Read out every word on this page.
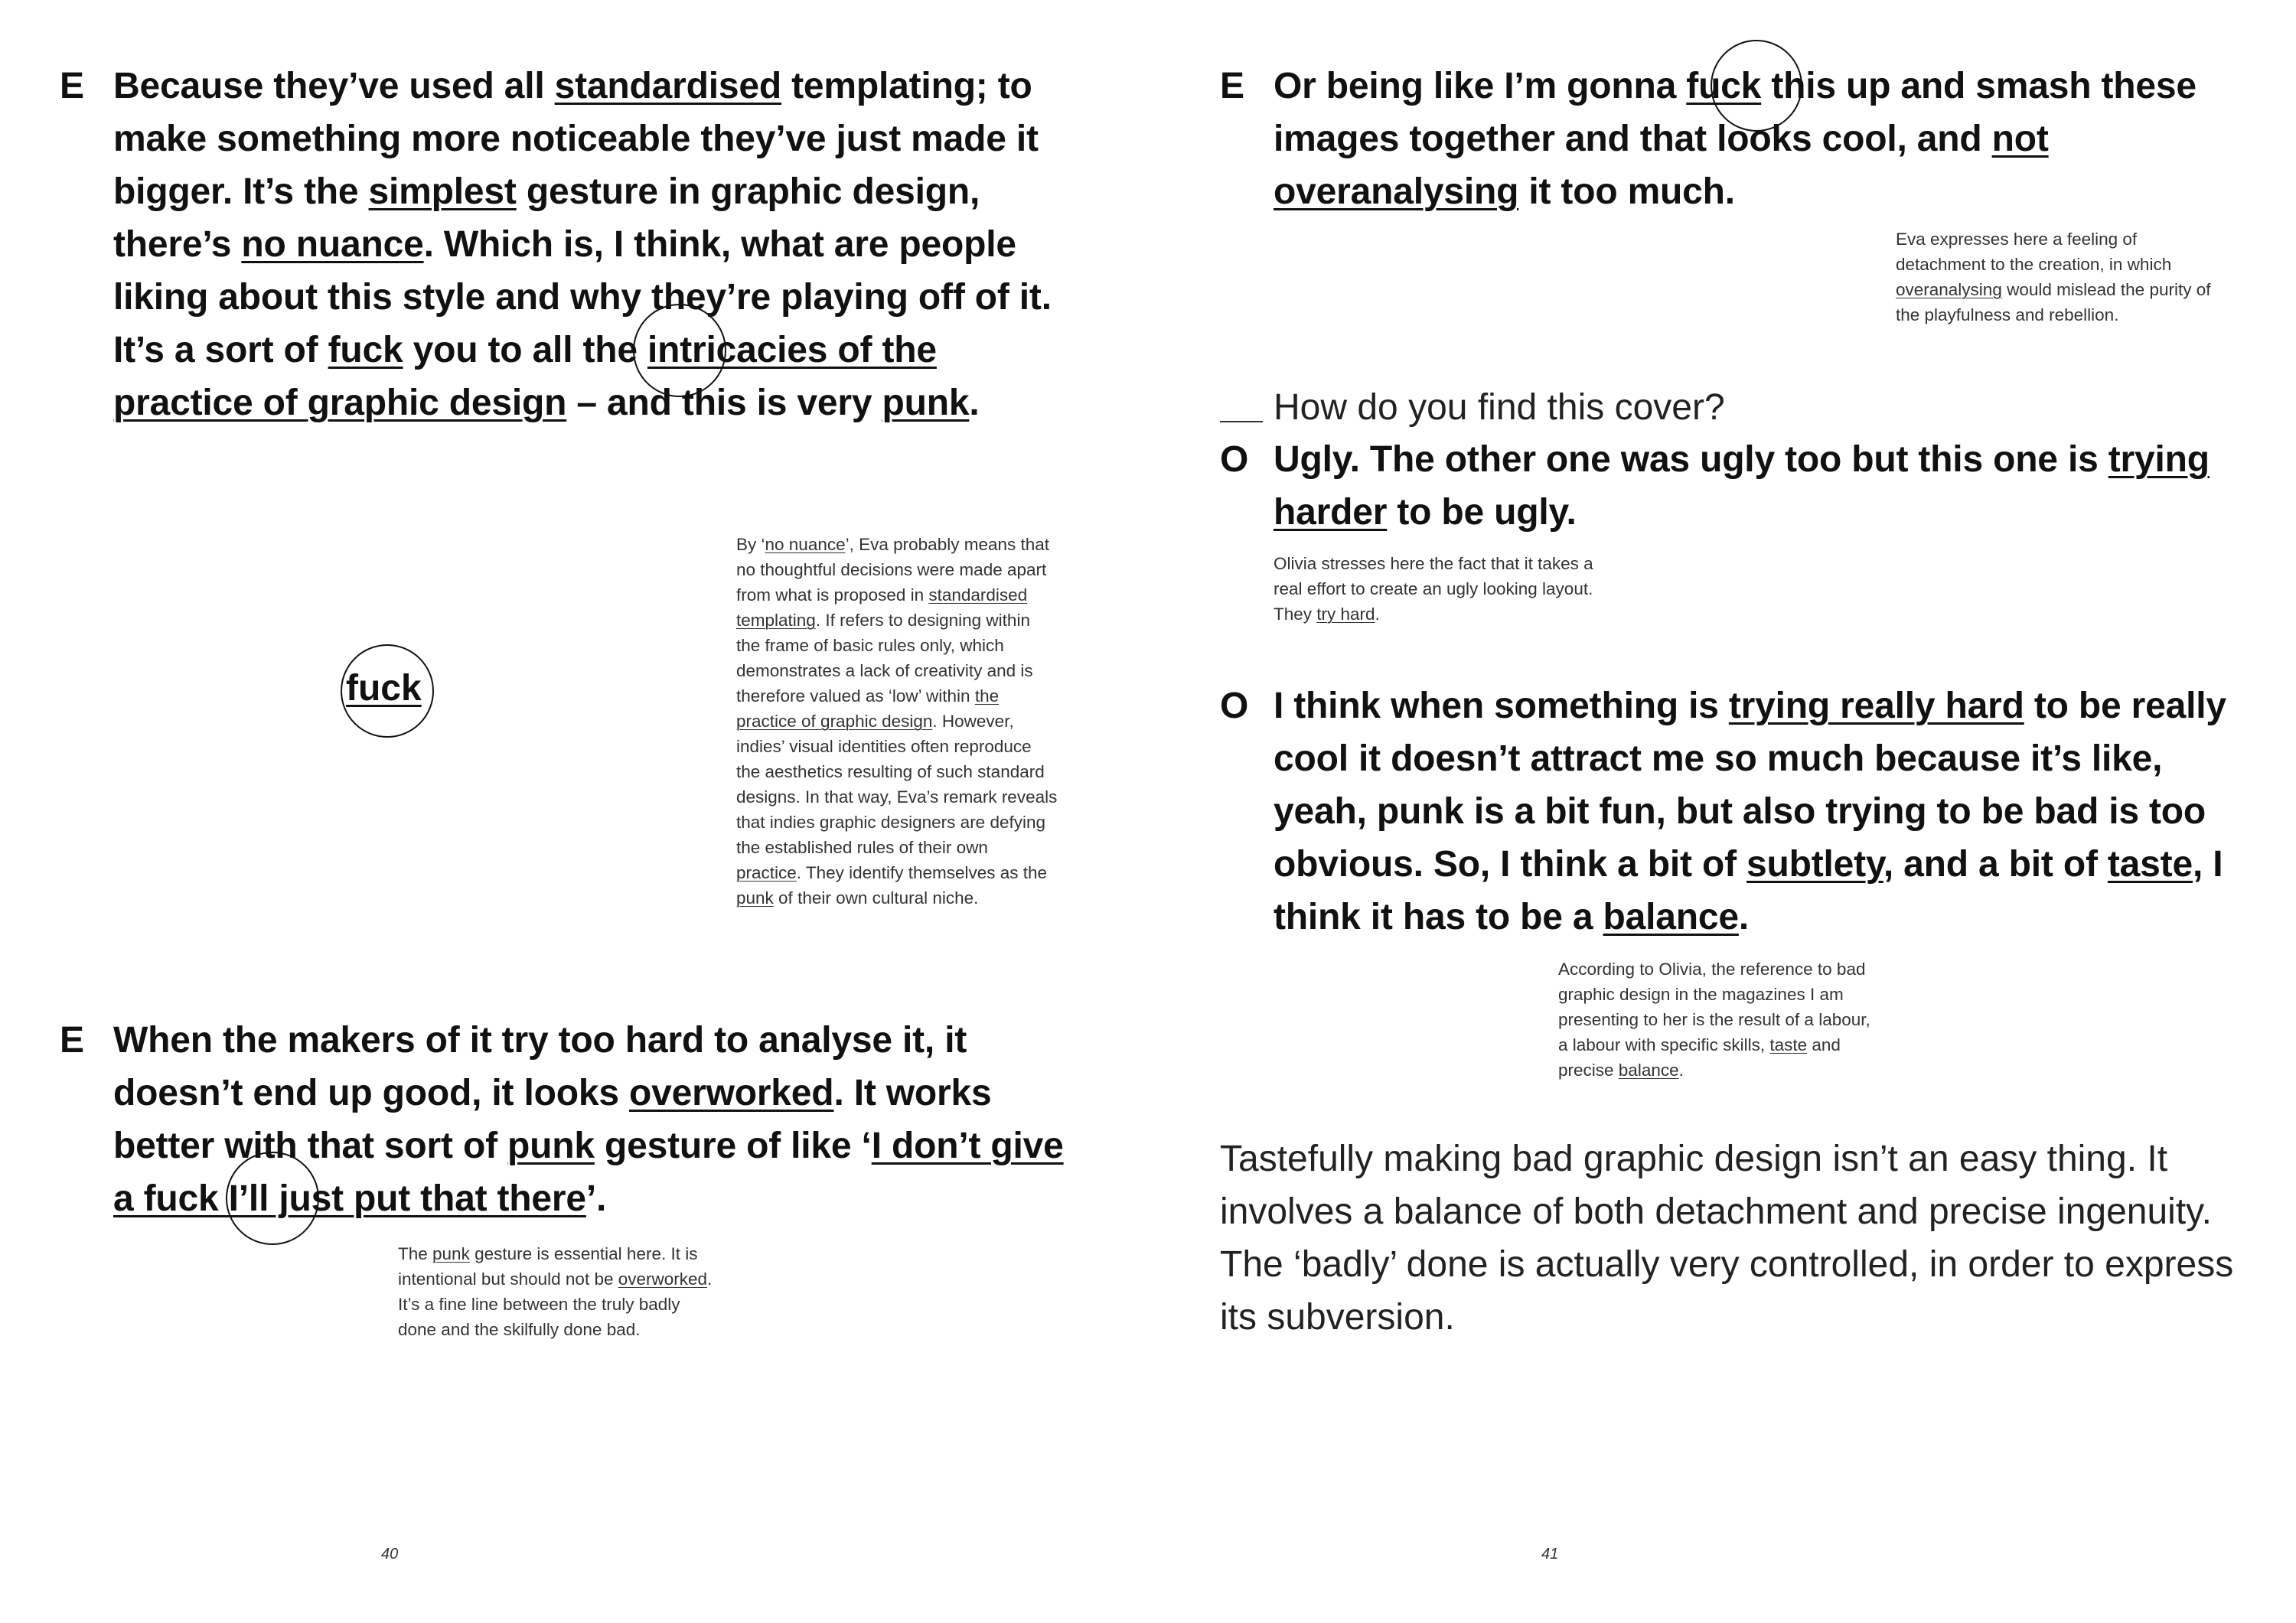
E Because they’ve used all standardised templating; to make something more noticeable they’ve just made it bigger. It’s the simplest gesture in graphic design, there’s no nuance. Which is, I think, what are people liking about this style and why they’re playing off of it. It’s a sort of fuck you to all the intricacies of the practice of graphic design – and this is very punk.
fuck
By ‘no nuance’, Eva probably means that no thoughtful decisions were made apart from what is proposed in standardised templating. If refers to designing within the frame of basic rules only, which demonstrates a lack of creativity and is therefore valued as ‘low’ within the practice of graphic design. However, indies’ visual identities often reproduce the aesthetics resulting of such standard designs. In that way, Eva’s remark reveals that indies graphic designers are defying the established rules of their own practice. They identify themselves as the punk of their own cultural niche.
E When the makers of it try too hard to analyse it, it doesn’t end up good, it looks overworked. It works better with that sort of punk gesture of like ‘I don’t give a fuck I’ll just put that there’.
The punk gesture is essential here. It is intentional but should not be overworked. It’s a fine line between the truly badly done and the skilfully done bad.
40
E Or being like I’m gonna fuck this up and smash these images together and that looks cool, and not overanalysing it too much.
Eva expresses here a feeling of detachment to the creation, in which overanalysing would mislead the purity of the playfulness and rebellion.
How do you find this cover?
O Ugly. The other one was ugly too but this one is trying harder to be ugly.
Olivia stresses here the fact that it takes a real effort to create an ugly looking layout. They try hard.
O I think when something is trying really hard to be really cool it doesn’t attract me so much because it’s like, yeah, punk is a bit fun, but also trying to be bad is too obvious. So, I think a bit of subtlety, and a bit of taste, I think it has to be a balance.
According to Olivia, the reference to bad graphic design in the magazines I am presenting to her is the result of a labour, a labour with specific skills, taste and precise balance.
Tastefully making bad graphic design isn’t an easy thing. It involves a balance of both detachment and precise ingenuity. The ‘badly’ done is actually very controlled, in order to express its subversion.
41
